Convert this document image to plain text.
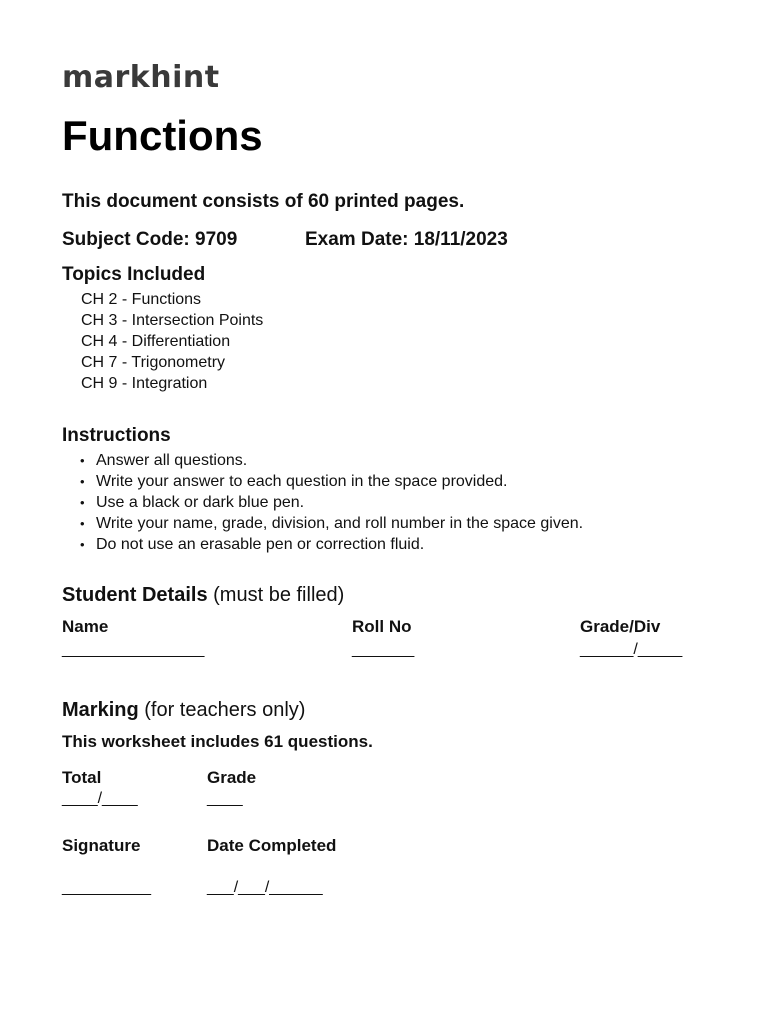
markhint
Functions
This document consists of 60 printed pages.
Subject Code: 9709	Exam Date: 18/11/2023
Topics Included
CH 2 - Functions
CH 3 - Intersection Points
CH 4 - Differentiation
CH 7 - Trigonometry
CH 9 - Integration
Instructions
• Answer all questions.
• Write your answer to each question in the space provided.
• Use a black or dark blue pen.
• Write your name, grade, division, and roll number in the space given.
• Do not use an erasable pen or correction fluid.
Student Details (must be filled)
Name
________________
Roll No
_______
Grade/Div
______/_____
Marking (for teachers only)
This worksheet includes 61 questions.
Total
____/____
Grade
____
Signature
__________
Date Completed
___/___/______
